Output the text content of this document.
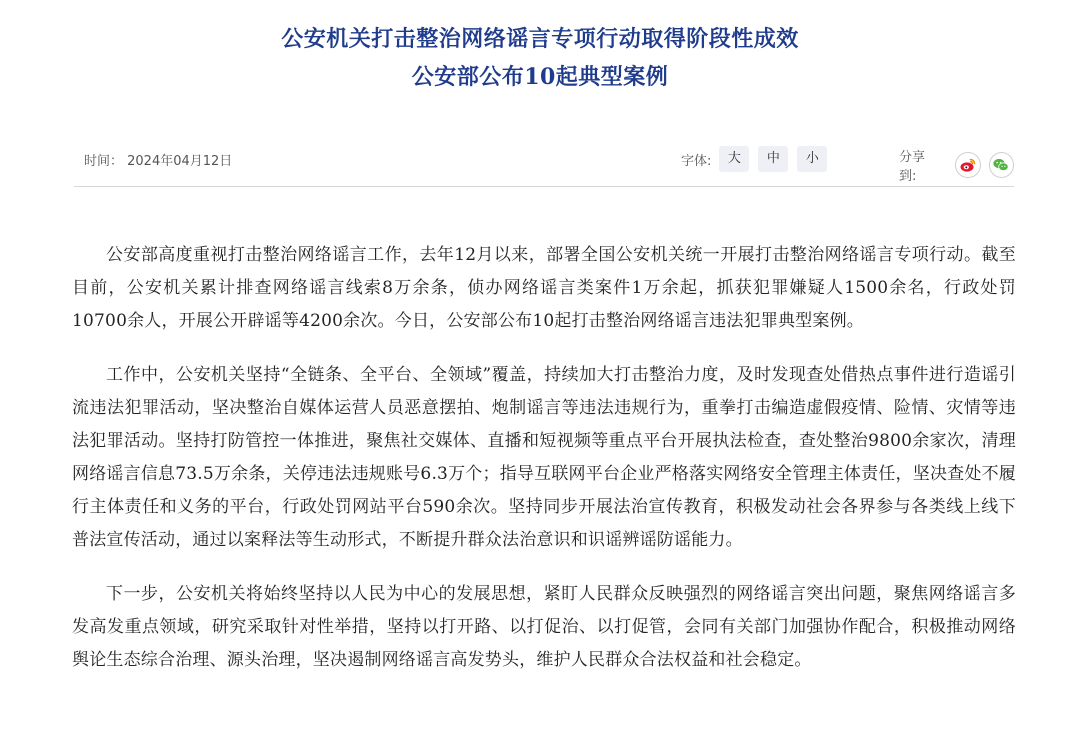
公安机关打击整治网络谣言专项行动取得阶段性成效
公安部公布10起典型案例
时间： 2024年04月12日	字体:	大	中	小	分享到:

公安部高度重视打击整治网络谣言工作，去年12月以来，部署全国公安机关统一开展打击整治网络谣言专项行动。截至目前，公安机关累计排查网络谣言线索8万余条，侦办网络谣言类案件1万余起，抓获犯罪嫌疑人1500余名，行政处罚10700余人，开展公开辟谣等4200余次。今日，公安部公布10起打击整治网络谣言违法犯罪典型案例。

工作中，公安机关坚持“全链条、全平台、全领域”覆盖，持续加大打击整治力度，及时发现查处借热点事件进行造谣引流违法犯罪活动，坚决整治自媒体运营人员恶意摆拍、炮制谣言等违法违规行为，重拳打击编造虚假疫情、险情、灾情等违法犯罪活动。坚持打防管控一体推进，聚焦社交媒体、直播和短视频等重点平台开展执法检查，查处整治9800余家次，清理网络谣言信息73.5万余条，关停违法违规账号6.3万个；指导互联网平台企业严格落实网络安全管理主体责任，坚决查处不履行主体责任和义务的平台，行政处罚网站平台590余次。坚持同步开展法治宣传教育，积极发动社会各界参与各类线上线下普法宣传活动，通过以案释法等生动形式，不断提升群众法治意识和识谣辨谣防谣能力。

下一步，公安机关将始终坚持以人民为中心的发展思想，紧盯人民群众反映强烈的网络谣言突出问题，聚焦网络谣言多发高发重点领域，研究采取针对性举措，坚持以打开路、以打促治、以打促管，会同有关部门加强协作配合，积极推动网络舆论生态综合治理、源头治理，坚决遏制网络谣言高发势头，维护人民群众合法权益和社会稳定。
